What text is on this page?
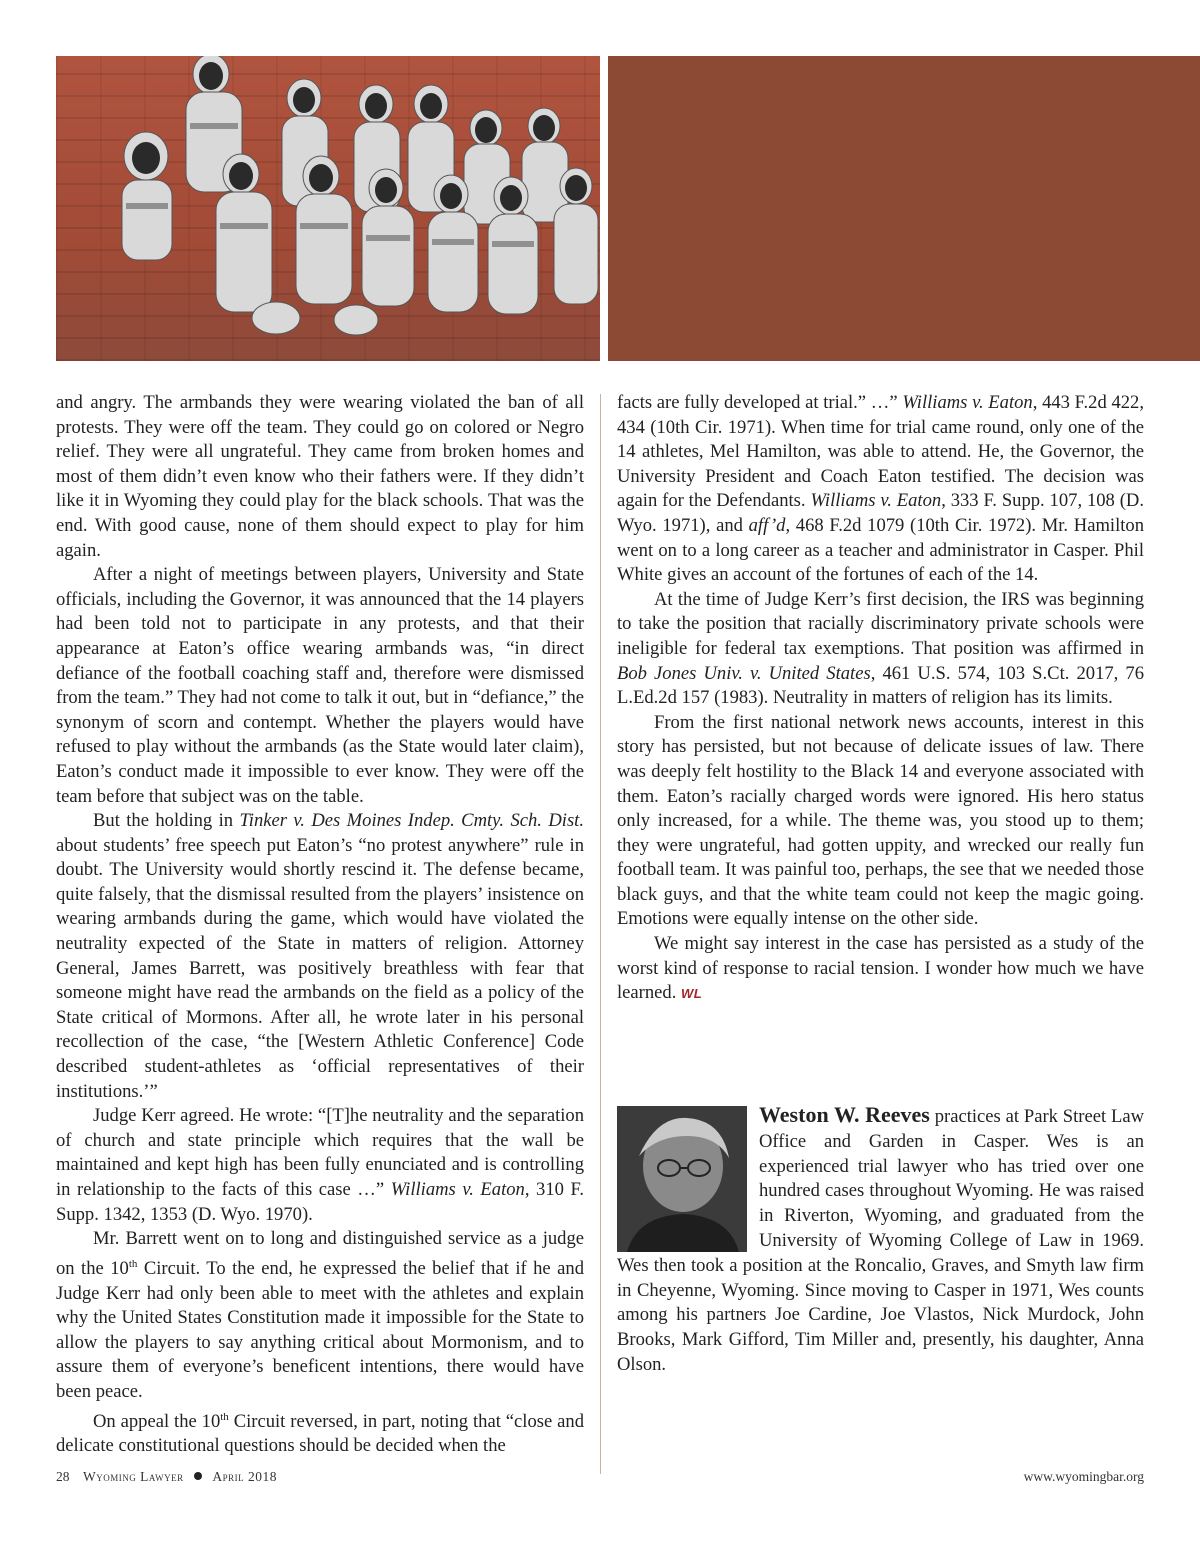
and angry. The armbands they were wearing violated the ban of all protests. They were off the team. They could go on colored or Negro relief. They were all ungrateful. They came from broken homes and most of them didn’t even know who their fathers were. If they didn’t like it in Wyoming they could play for the black schools. That was the end. With good cause, none of them should expect to play for him again.

After a night of meetings between players, University and State officials, including the Governor, it was announced that the 14 players had been told not to participate in any protests, and that their appearance at Eaton’s office wearing armbands was, “in direct defiance of the football coaching staff and, therefore were dismissed from the team.” They had not come to talk it out, but in “defiance,” the synonym of scorn and contempt. Whether the players would have refused to play without the armbands (as the State would later claim), Eaton’s conduct made it impossible to ever know. They were off the team before that subject was on the table.

But the holding in Tinker v. Des Moines Indep. Cmty. Sch. Dist. about students’ free speech put Eaton’s “no protest anywhere” rule in doubt. The University would shortly rescind it. The defense became, quite falsely, that the dismissal resulted from the players’ insistence on wearing armbands during the game, which would have violated the neutrality expected of the State in matters of religion. Attorney General, James Barrett, was positively breathless with fear that someone might have read the armbands on the field as a policy of the State critical of Mormons. After all, he wrote later in his personal recollection of the case, “the [Western Athletic Conference] Code described student-athletes as ‘official representatives of their institutions.’”

Judge Kerr agreed. He wrote: “[T]he neutrality and the separation of church and state principle which requires that the wall be maintained and kept high has been fully enunciated and is controlling in relationship to the facts of this case …” Williams v. Eaton, 310 F. Supp. 1342, 1353 (D. Wyo. 1970).

Mr. Barrett went on to long and distinguished service as a judge on the 10th Circuit. To the end, he expressed the belief that if he and Judge Kerr had only been able to meet with the athletes and explain why the United States Constitution made it impossible for the State to allow the players to say anything critical about Mormonism, and to assure them of everyone’s beneficent intentions, there would have been peace.

On appeal the 10th Circuit reversed, in part, noting that “close and delicate constitutional questions should be decided when the

facts are fully developed at trial.” …” Williams v. Eaton, 443 F.2d 422, 434 (10th Cir. 1971). When time for trial came round, only one of the 14 athletes, Mel Hamilton, was able to attend. He, the Governor, the University President and Coach Eaton testified. The decision was again for the Defendants. Williams v. Eaton, 333 F. Supp. 107, 108 (D. Wyo. 1971), and aff’d, 468 F.2d 1079 (10th Cir. 1972). Mr. Hamilton went on to a long career as a teacher and administrator in Casper. Phil White gives an account of the fortunes of each of the 14.

At the time of Judge Kerr’s first decision, the IRS was beginning to take the position that racially discriminatory private schools were ineligible for federal tax exemptions. That position was affirmed in Bob Jones Univ. v. United States, 461 U.S. 574, 103 S.Ct. 2017, 76 L.Ed.2d 157 (1983). Neutrality in matters of religion has its limits.

From the first national network news accounts, interest in this story has persisted, but not because of delicate issues of law. There was deeply felt hostility to the Black 14 and everyone associated with them. Eaton’s racially charged words were ignored. His hero status only increased, for a while. The theme was, you stood up to them; they were ungrateful, had gotten uppity, and wrecked our really fun football team. It was painful too, perhaps, the see that we needed those black guys, and that the white team could not keep the magic going. Emotions were equally intense on the other side.

We might say interest in the case has persisted as a study of the worst kind of response to racial tension. I wonder how much we have learned. WL

Weston W. Reeves practices at Park Street Law Office and Garden in Casper. Wes is an experienced trial lawyer who has tried over one hundred cases throughout Wyoming. He was raised in Riverton, Wyoming, and graduated from the University of Wyoming College of Law in 1969. Wes then took a position at the Roncalio, Graves, and Smyth law firm in Cheyenne, Wyoming. Since moving to Casper in 1971, Wes counts among his partners Joe Cardine, Joe Vlastos, Nick Murdock, John Brooks, Mark Gifford, Tim Miller and, presently, his daughter, Anna Olson.
28 Wyoming Lawyer April 2018	www.wyomingbar.org
